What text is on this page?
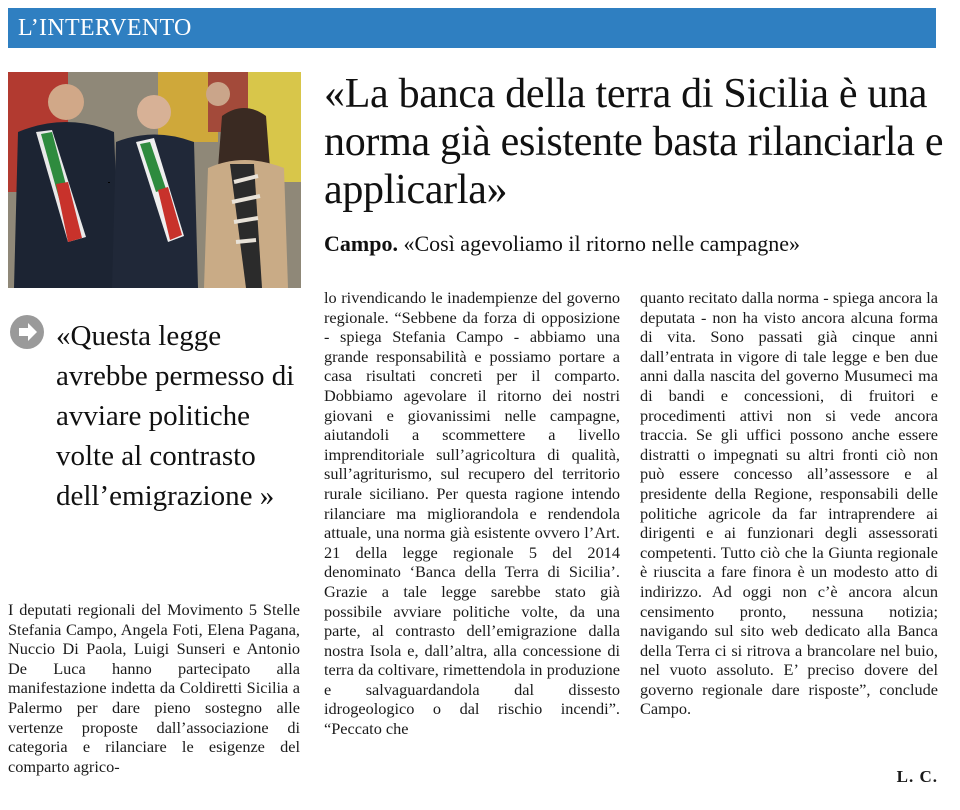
L’INTERVENTO
«La banca della terra di Sicilia è una norma già esistente basta rilanciarla e applicarla»
Campo. «Così agevoliamo il ritorno nelle campagne»
«Questa legge avrebbe permesso di avviare politiche volte al contrasto dell’emigrazione »
I deputati regionali del Movimento 5 Stelle Stefania Campo, Angela Foti, Elena Pagana, Nuccio Di Paola, Luigi Sunseri e Antonio De Luca hanno partecipato alla manifestazione indetta da Coldiretti Sicilia a Palermo per dare pieno sostegno alle vertenze proposte dall’associazione di categoria e rilanciare le esigenze del comparto agrico-
lo rivendicando le inadempienze del governo regionale. “Sebbene da forza di opposizione - spiega Stefania Campo - abbiamo una grande responsabilità e possiamo portare a casa risultati concreti per il comparto. Dobbiamo agevolare il ritorno dei nostri giovani e giovanissimi nelle campagne, aiutandoli a scommettere a livello imprenditoriale sull’agricoltura di qualità, sull’agriturismo, sul recupero del territorio rurale siciliano. Per questa ragione intendo rilanciare ma migliorandola e rendendola attuale, una norma già esistente ovvero l’Art. 21 della legge regionale 5 del 2014 denominato ‘Banca della Terra di Sicilia’. Grazie a tale legge sarebbe stato già possibile avviare politiche volte, da una parte, al contrasto dell’emigrazione dalla nostra Isola e, dall’altra, alla concessione di terra da coltivare, rimettendola in produzione e salvaguardandola dal dissesto idrogeologico o dal rischio incendi”. “Peccato che
quanto recitato dalla norma - spiega ancora la deputata - non ha visto ancora alcuna forma di vita. Sono passati già cinque anni dall’entrata in vigore di tale legge e ben due anni dalla nascita del governo Musumeci ma di bandi e concessioni, di fruitori e procedimenti attivi non si vede ancora traccia. Se gli uffici possono anche essere distratti o impegnati su altri fronti ciò non può essere concesso all’assessore e al presidente della Regione, responsabili delle politiche agricole da far intraprendere ai dirigenti e ai funzionari degli assessorati competenti. Tutto ciò che la Giunta regionale è riuscita a fare finora è un modesto atto di indirizzo. Ad oggi non c’è ancora alcun censimento pronto, nessuna notizia; navigando sul sito web dedicato alla Banca della Terra ci si ritrova a brancolare nel buio, nel vuoto assoluto. E’ preciso dovere del governo regionale dare risposte”, conclude Campo.
L. C.
